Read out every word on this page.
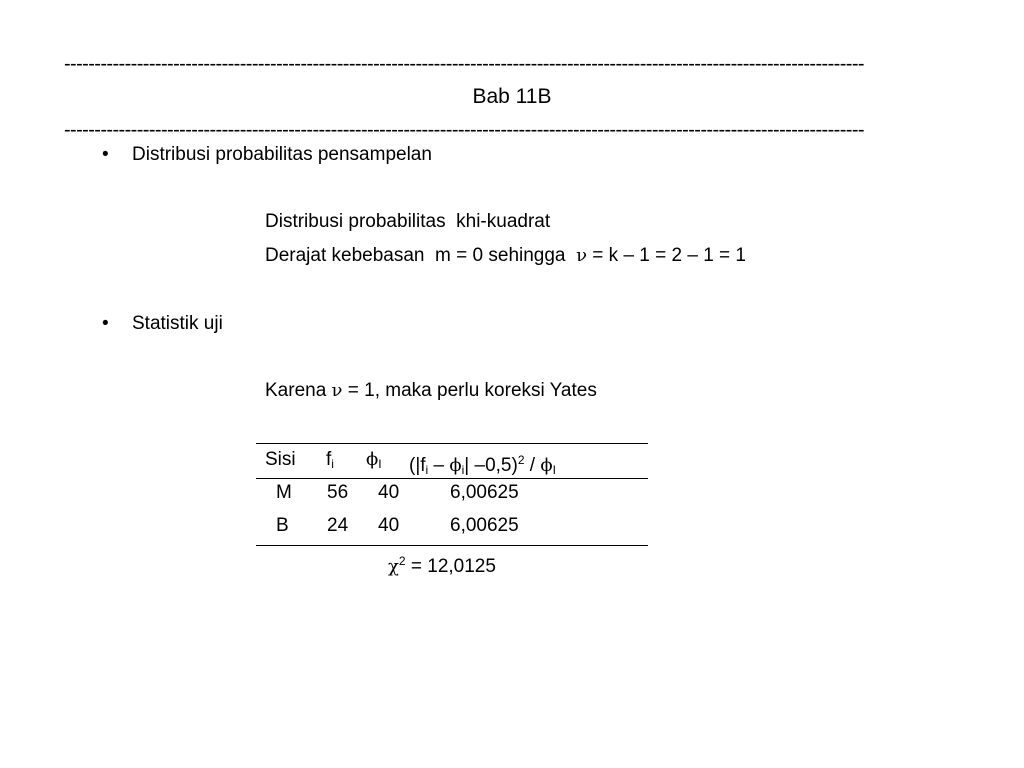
------------------------------------------------------------------------------------------------------------------------------------
Bab 11B
------------------------------------------------------------------------------------------------------------------------------------
• Distribusi probabilitas pensampelan
Distribusi probabilitas  khi-kuadrat
Derajat kebebasan  m = 0 sehingga  ν = k – 1 = 2 – 1 = 1
• Statistik uji
Karena ν = 1, maka perlu koreksi Yates
Sisi $f_i$ $\phi_I$ ($|f_i - \phi_i|$ $-0,5)^2 / \phi_I$
M 56 40	6,00625
B 24 40	6,00625
$\chi^2 = 12,0125$
